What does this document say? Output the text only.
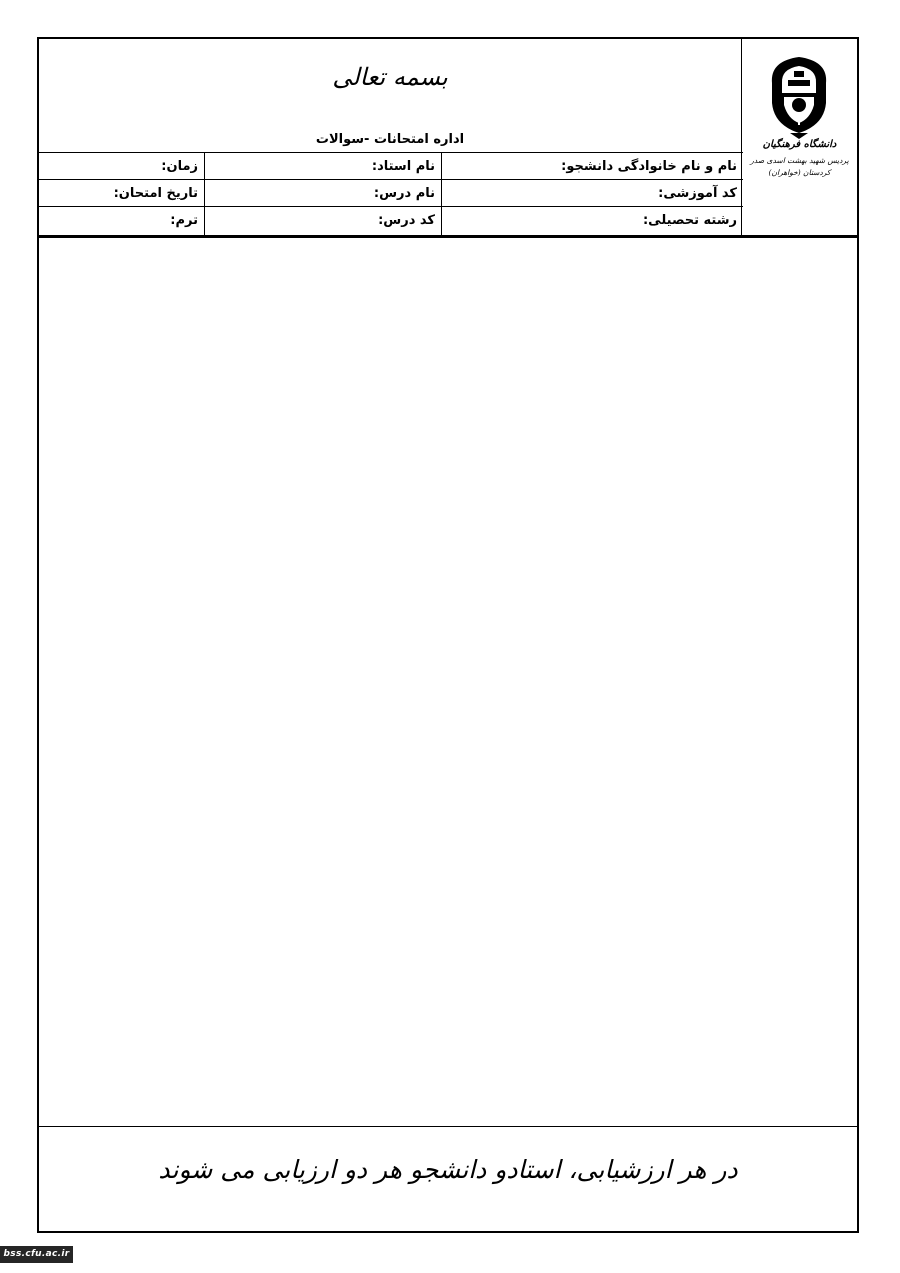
دانشگاه فرهنگیان
پردیس شهید بهشت اسدی صدر
کردستان (خواهران)
بسمه تعالی
اداره امتحانات -سوالات
نام و نام خانوادگی دانشجو:
نام استاد:
زمان:
کد آموزشی:
نام درس:
تاریخ امتحان:
رشته تحصیلی:
کد درس:
ترم:
در هر ارزشیابی، استادو دانشجو هر دو ارزیابی می شوند
bss.cfu.ac.ir
